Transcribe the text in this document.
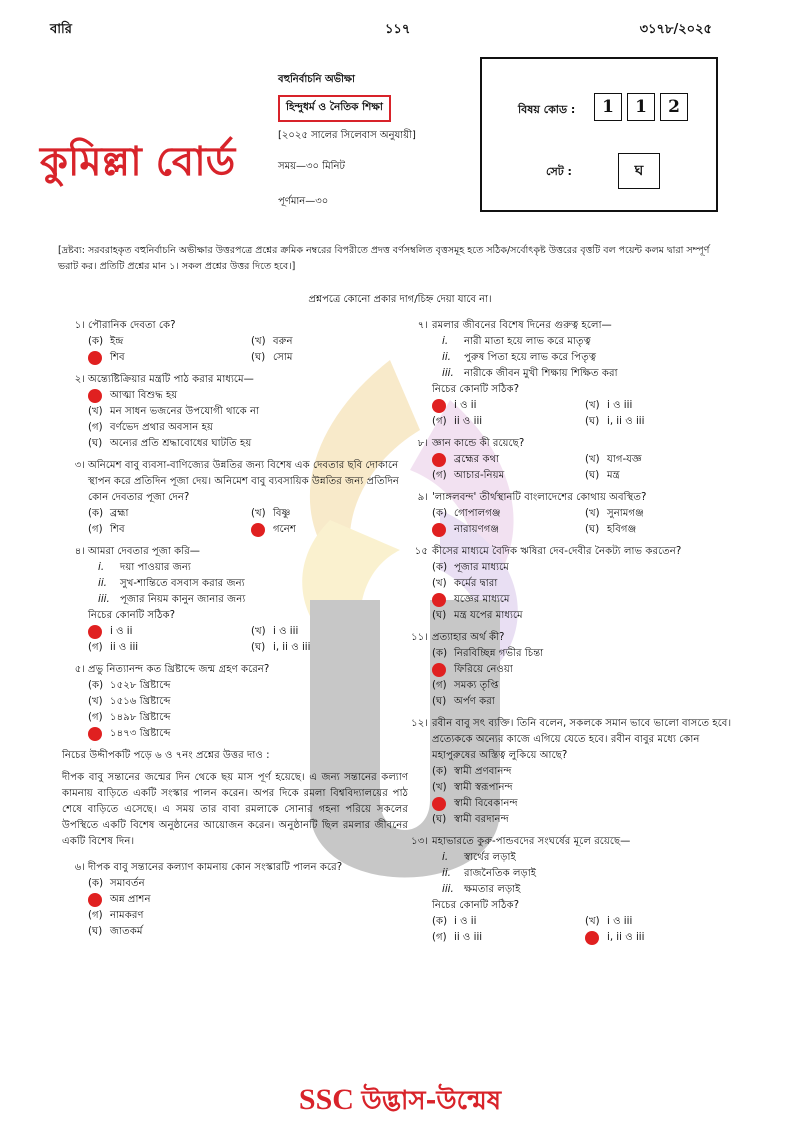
বারি	১১৭	৩১৭৮/২০২৫
কুমিল্লা বোর্ড
বহুনির্বাচনি অভীক্ষা
হিন্দুধর্ম ও নৈতিক শিক্ষা
[২০২৫ সালের সিলেবাস অনুযায়ী]
সময়—৩০ মিনিট
পূর্ণমান—৩০
বিষয় কোড :	1	1	2
সেট :	ঘ
[দ্রষ্টব্য: সরবরাহকৃত বহুনির্বাচনি অভীক্ষার উত্তরপত্রে প্রশ্নের ক্রমিক নম্বরের বিপরীতে প্রদত্ত বর্ণসম্বলিত বৃত্তসমূহ হতে সঠিক/সর্বোৎকৃষ্ট উত্তরের বৃত্তটি বল পয়েন্ট কলম দ্বারা সম্পূর্ণ ভরাট কর। প্রতিটি প্রশ্নের মান ১। সকল প্রশ্নের উত্তর দিতে হবে।]
প্রশ্নপত্রে কোনো প্রকার দাগ/চিহ্ন দেয়া যাবে না।
১। পৌরানিক দেবতা কে?
(ক) ইন্দ্র	(খ) বরুন
শিব	(ঘ) সোম
২। অন্ত্যেষ্টিক্রিয়ার মন্ত্রটি পাঠ করার মাধ্যমে—
আত্মা বিশুদ্ধ হয়
(খ) মন সাধন ভজনের উপযোগী থাকে না
(গ) বর্ণভেদ প্রথার অবসান হয়
(ঘ) অন্যের প্রতি শ্রদ্ধাবোধের ঘাটতি হয়
৩। অনিমেশ বাবু ব্যবসা-বাণিজ্যের উন্নতির জন্য বিশেষ এক দেবতার ছবি দোকানে স্থাপন করে প্রতিদিন পূজা দেয়। অনিমেশ বাবু ব্যবসায়িক উন্নতির জন্য প্রতিদিন কোন দেবতার পূজা দেন?
(ক) ব্রহ্মা	(খ) বিষ্ণু
(গ) শিব	গনেশ
৪। আমরা দেবতার পূজা করি—
i.	দয়া পাওয়ার জন্য
ii.	সুখ-শান্তিতে বসবাস করার জন্য
iii.	পূজার নিয়ম কানুন জানার জন্য
নিচের কোনটি সঠিক?
i ও ii	(খ) i ও iii
(গ) ii ও iii	(ঘ) i, ii ও iii
৫। প্রভু নিত্যানন্দ কত খ্রিষ্টাব্দে জন্ম গ্রহণ করেন?
(ক) ১৫২৮ খ্রিষ্টাব্দে
(খ) ১৫১৬ খ্রিষ্টাব্দে
(গ) ১৪৯৮ খ্রিষ্টাব্দে
১৪৭৩ খ্রিষ্টাব্দে
নিচের উদ্দীপকটি পড়ে ৬ ও ৭নং প্রশ্নের উত্তর দাও :
দীপক বাবু সন্তানের জন্মের দিন থেকে ছয় মাস পূর্ণ হয়েছে। এ জন্য সন্তানের কল্যাণ কামনায় বাড়িতে একটি সংস্কার পালন করেন। অপর দিকে রমলা বিশ্ববিদ্যালয়ের পাঠ শেষে বাড়িতে এসেছে। এ সময় তার বাবা রমলাকে সোনার গহনা পরিয়ে সকলের উপস্থিতে একটি বিশেষ অনুষ্ঠানের আয়োজন করেন। অনুষ্ঠানটি ছিল রমলার জীবনের একটি বিশেষ দিন।
৬। দীপক বাবু সন্তানের কল্যাণ কামনায় কোন সংস্কারটি পালন করে?
(ক) সমাবর্তন
অন্ন প্রাশন
(গ) নামকরণ
(ঘ) জাতকর্ম
৭। রমলার জীবনের বিশেষ দিনের গুরুত্ব হলো—
i.	নারী মাতা হয়ে লাভ করে মাতৃত্ব
ii.	পুরুষ পিতা হয়ে লাভ করে পিতৃত্ব
iii.	নারীকে জীবন মুখী শিক্ষায় শিক্ষিত করা
নিচের কোনটি সঠিক?
i ও ii	(খ) i ও iii
(গ) ii ও iii	(ঘ) i, ii ও iii
৮। জ্ঞান কান্ডে কী রয়েছে?
ব্রহ্মের কথা	(খ) যাগ-যজ্ঞ
(গ) আচার-নিয়ম	(ঘ) মন্ত্র
৯। 'লাঙ্গলবন্দ' তীর্থস্থানটি বাংলাদেশের কোথায় অবস্থিত?
(ক) গোপালগঞ্জ	(খ) সুনামগঞ্জ
নারায়ণগঞ্জ	(ঘ) হবিগঞ্জ
১৫ কীসের মাধ্যমে বৈদিক ঋষিরা দেব-দেবীর নৈকট্য লাভ করতেন?
(ক) পূজার মাধ্যমে
(খ) কর্মের দ্বারা
যজ্ঞের মাধ্যমে
(ঘ) মন্ত্র যপের মাধ্যমে
১১। প্রত্যাহার অর্থ কী?
(ক) নিরবিচ্ছিন্ন গভীর চিন্তা
ফিরিয়ে নেওয়া
(গ) সমক্য তৃপ্তি
(ঘ) অর্পণ করা
১২। রবীন বাবু সৎ ব্যক্তি। তিনি বলেন, সকলকে সমান ভাবে ভালো বাসতে হবে। প্রত্যেককে অন্যের কাজে এগিয়ে যেতে হবে। রবীন বাবুর মধ্যে কোন মহাপুরুষের অস্তিত্ব লুকিয়ে আছে?
(ক) স্বামী প্রণবানন্দ
(খ) স্বামী স্বরূপানন্দ
স্বামী বিবেকানন্দ
(ঘ) স্বামী বরদানন্দ
১৩। মহাভারতে কুরু-পান্ডবদের সংঘর্ষের মূলে রয়েছে—
i.	স্বার্থের লড়াই
ii.	রাজনৈতিক লড়াই
iii.	ক্ষমতার লড়াই
নিচের কোনটি সঠিক?
(ক) i ও ii	(খ) i ও iii
(গ) ii ও iii	i, ii ও iii
SSC উদ্ভাস-উন্মেষ
